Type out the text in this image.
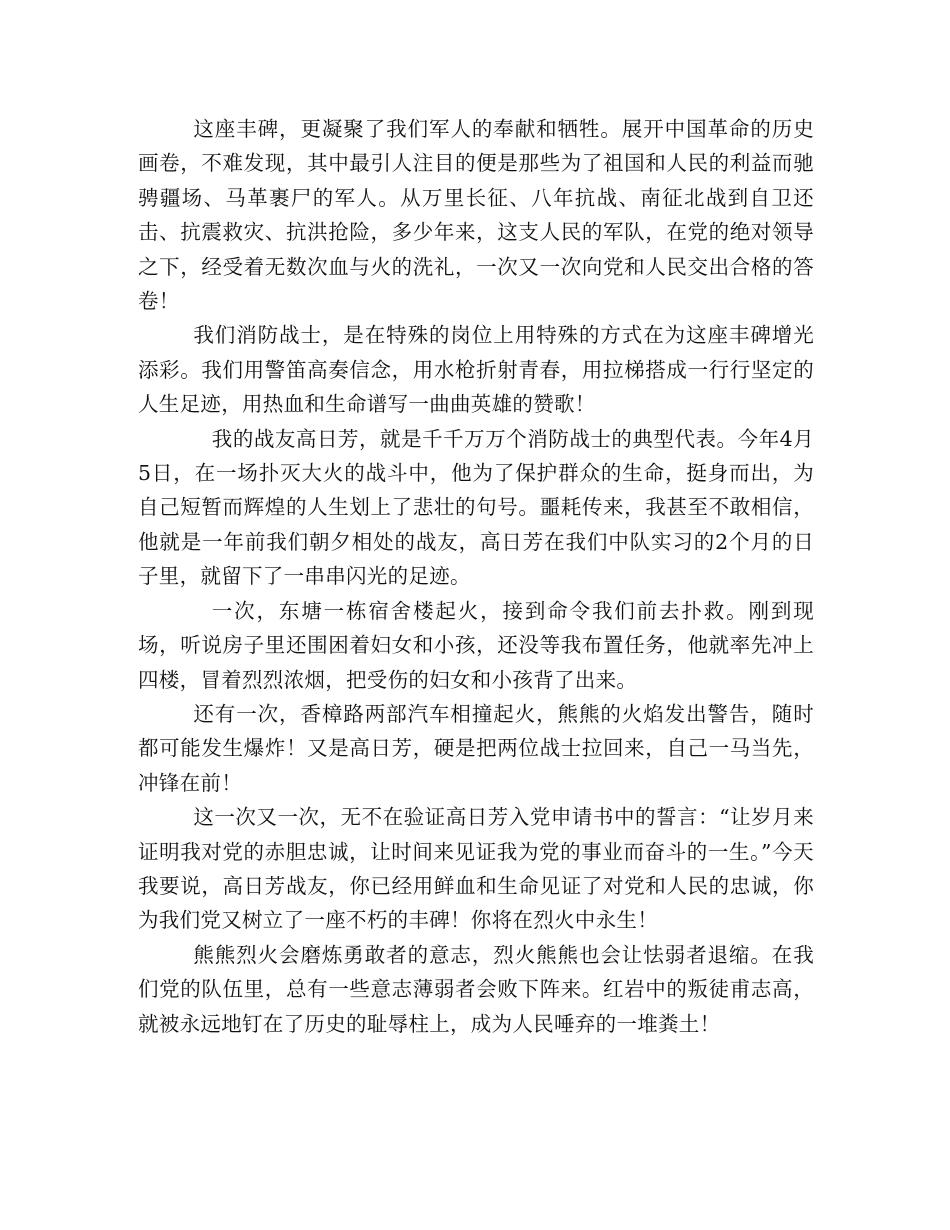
这座丰碑，更凝聚了我们军人的奉献和牺牲。展开中国革命的历史画卷，不难发现，其中最引人注目的便是那些为了祖国和人民的利益而驰骋疆场、马革裹尸的军人。从万里长征、八年抗战、南征北战到自卫还击、抗震救灾、抗洪抢险，多少年来，这支人民的军队，在党的绝对领导之下，经受着无数次血与火的洗礼，一次又一次向党和人民交出合格的答卷！

我们消防战士，是在特殊的岗位上用特殊的方式在为这座丰碑增光添彩。我们用警笛高奏信念，用水枪折射青春，用拉梯搭成一行行坚定的人生足迹，用热血和生命谱写一曲曲英雄的赞歌！

我的战友高日芳，就是千千万万个消防战士的典型代表。今年4月5日，在一场扑灭大火的战斗中，他为了保护群众的生命，挺身而出，为自己短暂而辉煌的人生划上了悲壮的句号。噩耗传来，我甚至不敢相信，他就是一年前我们朝夕相处的战友，高日芳在我们中队实习的2个月的日子里，就留下了一串串闪光的足迹。

一次，东塘一栋宿舍楼起火，接到命令我们前去扑救。刚到现场，听说房子里还围困着妇女和小孩，还没等我布置任务，他就率先冲上四楼，冒着烈烈浓烟，把受伤的妇女和小孩背了出来。

还有一次，香樟路两部汽车相撞起火，熊熊的火焰发出警告，随时都可能发生爆炸！又是高日芳，硬是把两位战士拉回来，自己一马当先，冲锋在前！

这一次又一次，无不在验证高日芳入党申请书中的誓言：“让岁月来证明我对党的赤胆忠诚，让时间来见证我为党的事业而奋斗的一生。”今天我要说，高日芳战友，你已经用鲜血和生命见证了对党和人民的忠诚，你为我们党又树立了一座不朽的丰碑！你将在烈火中永生！

熊熊烈火会磨炼勇敢者的意志，烈火熊熊也会让怯弱者退缩。在我们党的队伍里，总有一些意志薄弱者会败下阵来。红岩中的叛徒甫志高，就被永远地钉在了历史的耻辱柱上，成为人民唾弃的一堆粪土！
